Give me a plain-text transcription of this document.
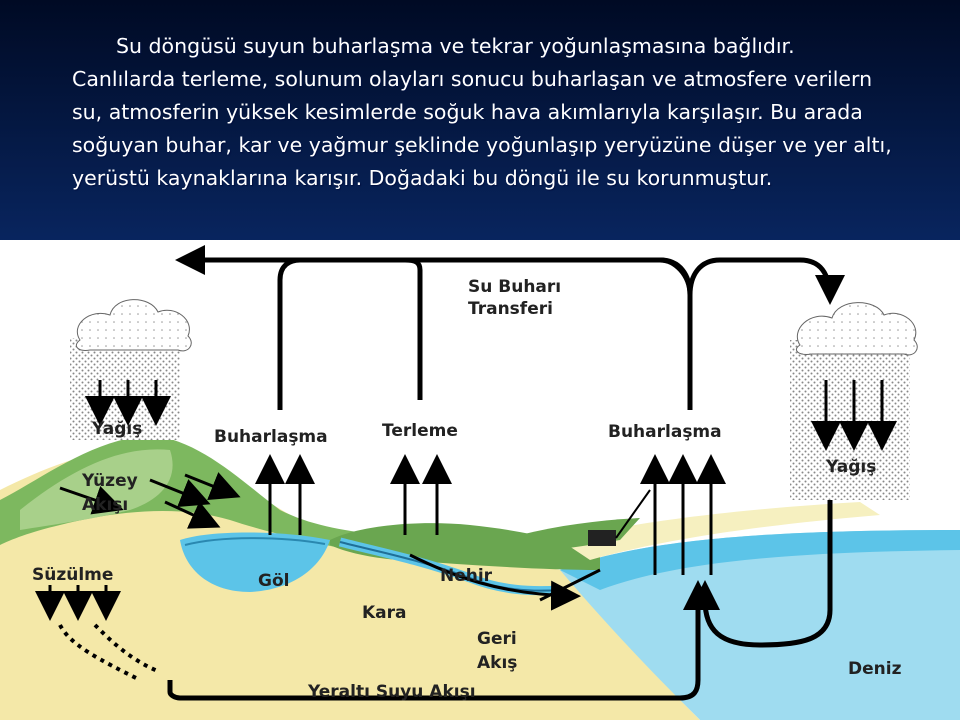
Su döngüsü suyun buharlaşma ve tekrar yoğunlaşmasına bağlıdır. Canlılarda terleme, solunum olayları sonucu buharlaşan ve atmosfere verilern su, atmosferin yüksek kesimlerde soğuk hava akımlarıyla karşılaşır. Bu arada soğuyan buhar, kar ve yağmur şeklinde yoğunlaşıp yeryüzüne düşer ve yer altı, yerüstü kaynaklarına karışır. Doğadaki bu döngü ile su korunmuştur.
Su Buharı
Transferi
Yağış
Yağış
Buharlaşma	Terleme	Buharlaşma
Yüzey
Akışı
Süzülme	Göl	Nehir
Kara
Geri
Akış	Deniz
Yeraltı Suyu Akışı
